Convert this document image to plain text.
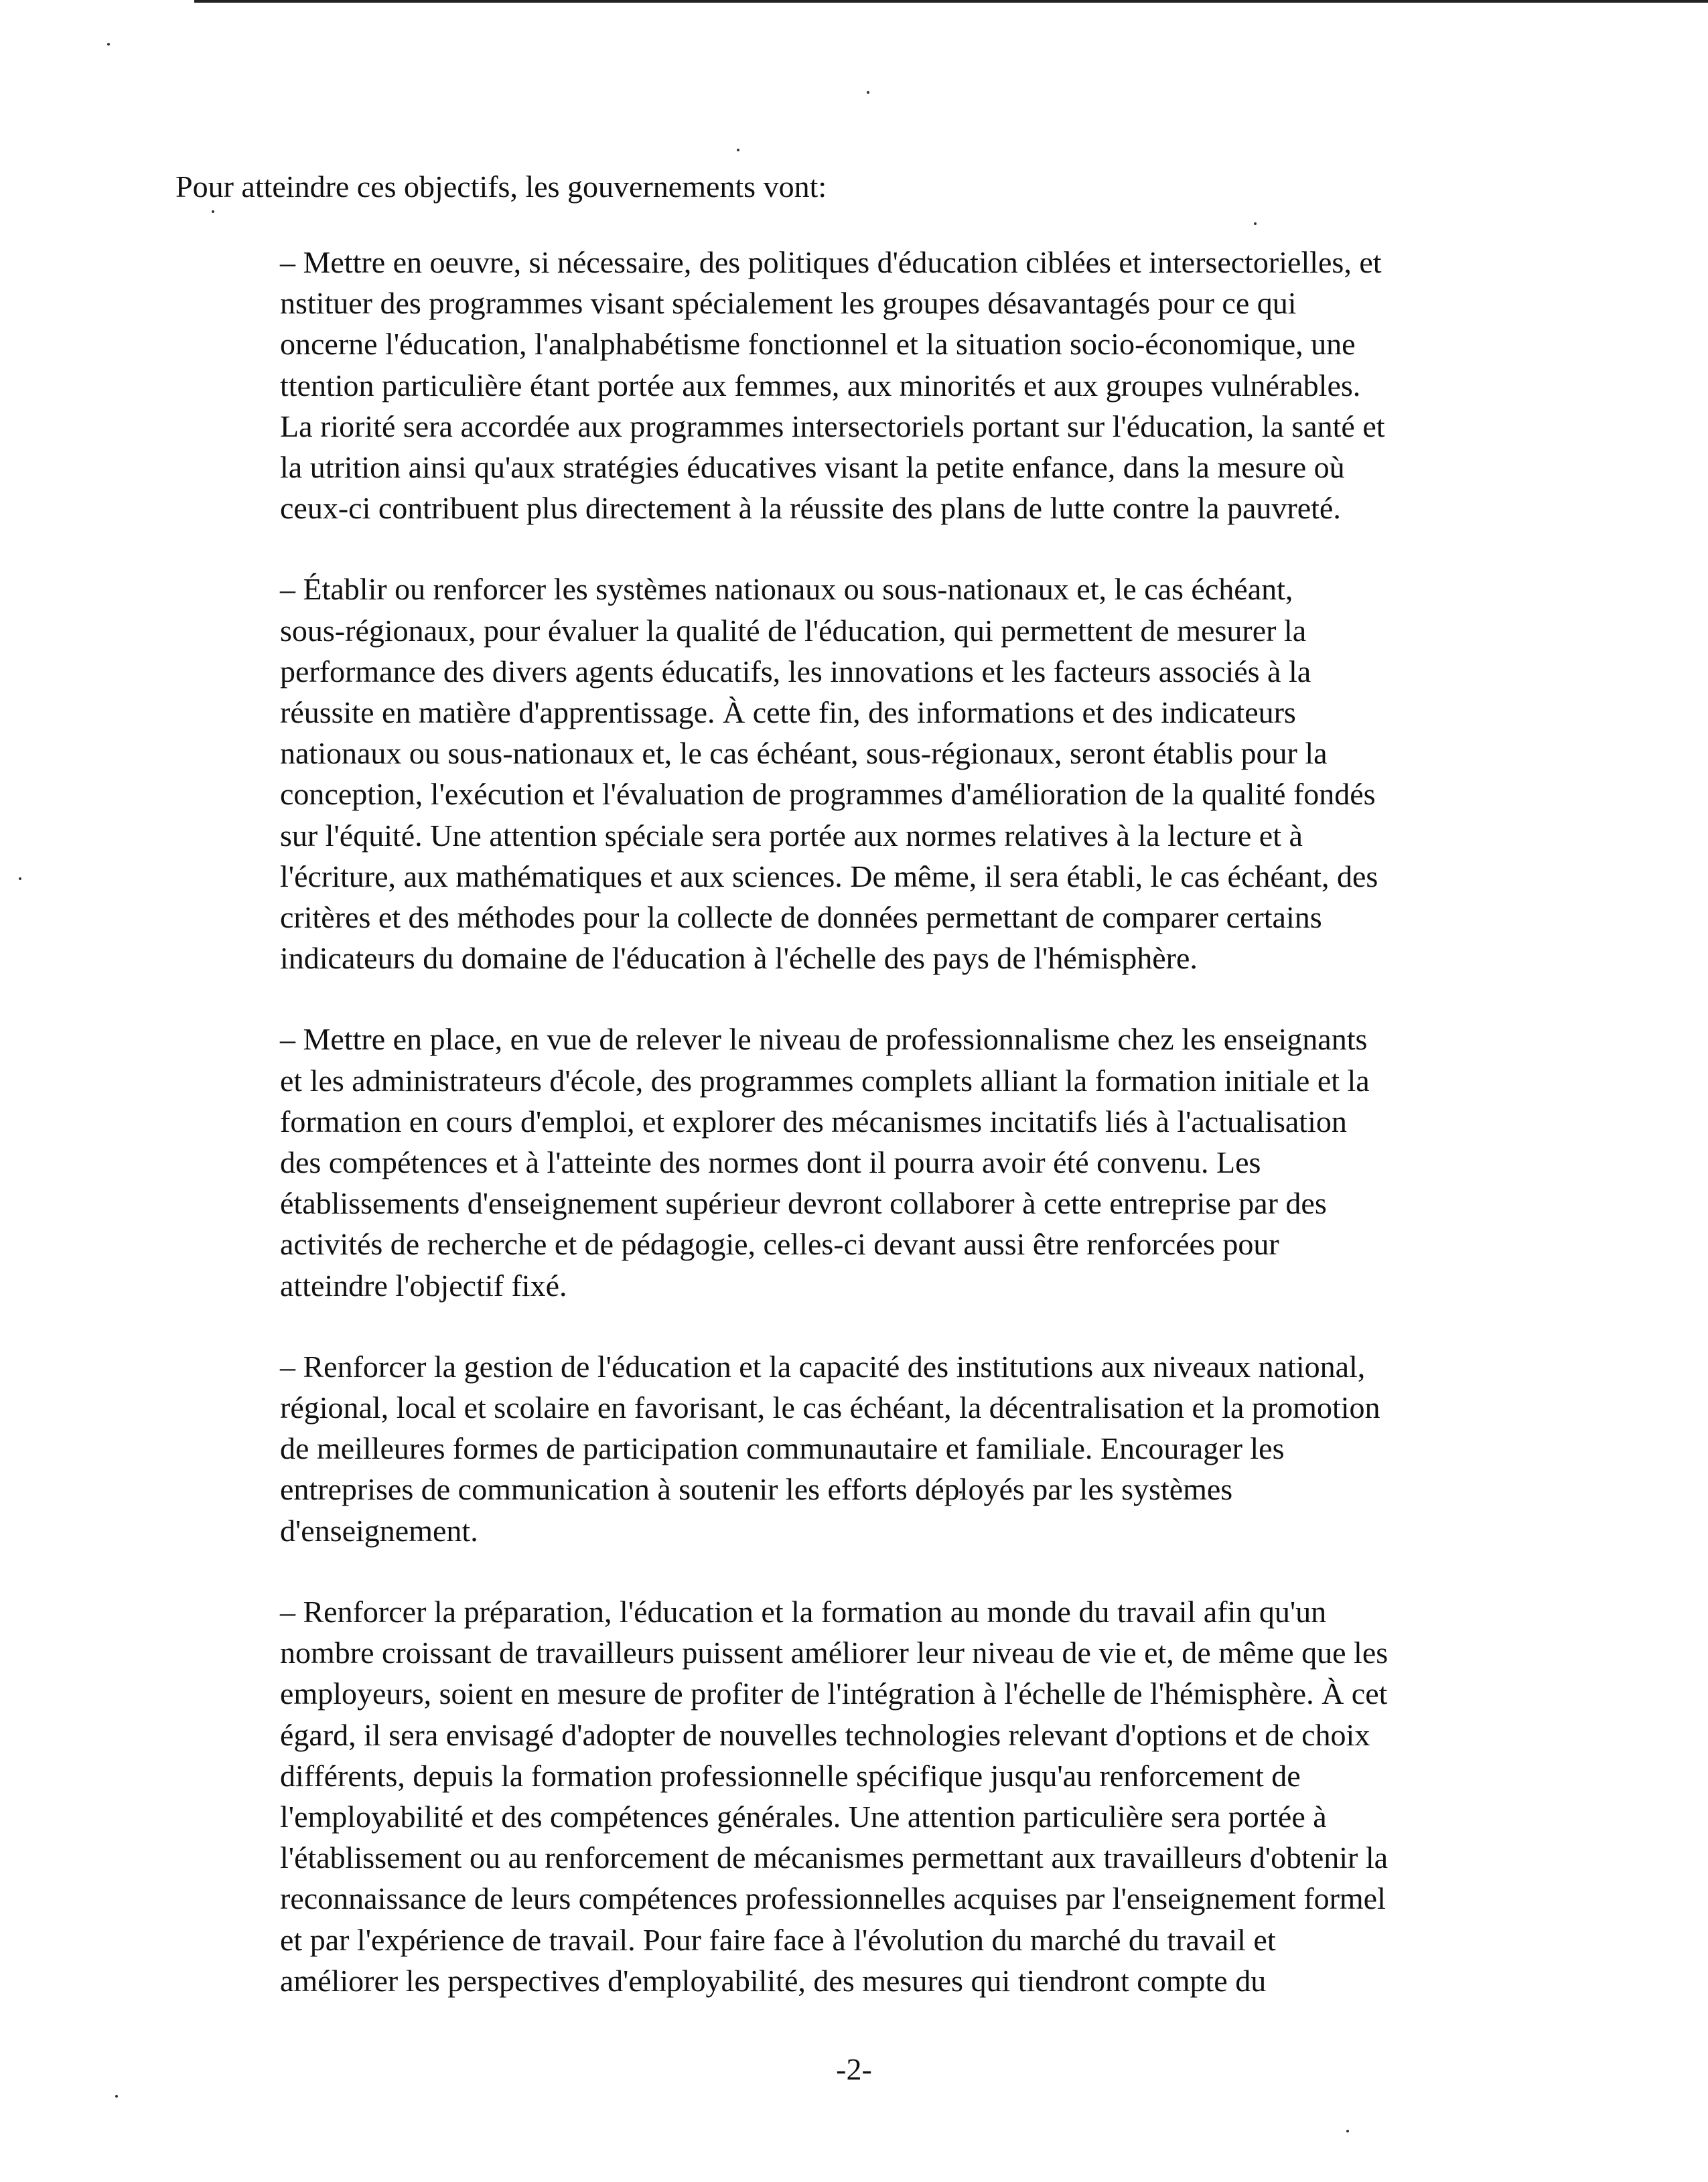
Pour atteindre ces objectifs, les gouvernements vont:

– Mettre en oeuvre, si nécessaire, des politiques d'éducation ciblées et intersectorielles, et
nstituer des programmes visant spécialement les groupes désavantagés pour ce qui
oncerne l'éducation, l'analphabétisme fonctionnel et la situation socio-économique, une
ttention particulière étant portée aux femmes, aux minorités et aux groupes vulnérables.
La riorité sera accordée aux programmes intersectoriels portant sur l'éducation, la santé et
la utrition ainsi qu'aux stratégies éducatives visant la petite enfance, dans la mesure où
ceux-ci contribuent plus directement à la réussite des plans de lutte contre la pauvreté.
– Établir ou renforcer les systèmes nationaux ou sous-nationaux et, le cas échéant,
sous-régionaux, pour évaluer la qualité de l'éducation, qui permettent de mesurer la
performance des divers agents éducatifs, les innovations et les facteurs associés à la
réussite en matière d'apprentissage. À cette fin, des informations et des indicateurs
nationaux ou sous-nationaux et, le cas échéant, sous-régionaux, seront établis pour la
conception, l'exécution et l'évaluation de programmes d'amélioration de la qualité fondés
sur l'équité. Une attention spéciale sera portée aux normes relatives à la lecture et à
l'écriture, aux mathématiques et aux sciences. De même, il sera établi, le cas échéant, des
critères et des méthodes pour la collecte de données permettant de comparer certains
indicateurs du domaine de l'éducation à l'échelle des pays de l'hémisphère.
– Mettre en place, en vue de relever le niveau de professionnalisme chez les enseignants
et les administrateurs d'école, des programmes complets alliant la formation initiale et la
formation en cours d'emploi, et explorer des mécanismes incitatifs liés à l'actualisation
des compétences et à l'atteinte des normes dont il pourra avoir été convenu. Les
établissements d'enseignement supérieur devront collaborer à cette entreprise par des
activités de recherche et de pédagogie, celles-ci devant aussi être renforcées pour
atteindre l'objectif fixé.
– Renforcer la gestion de l'éducation et la capacité des institutions aux niveaux national,
régional, local et scolaire en favorisant, le cas échéant, la décentralisation et la promotion
de meilleures formes de participation communautaire et familiale. Encourager les
entreprises de communication à soutenir les efforts déployés par les systèmes
d'enseignement.
– Renforcer la préparation, l'éducation et la formation au monde du travail afin qu'un
nombre croissant de travailleurs puissent améliorer leur niveau de vie et, de même que les
employeurs, soient en mesure de profiter de l'intégration à l'échelle de l'hémisphère. À cet
égard, il sera envisagé d'adopter de nouvelles technologies relevant d'options et de choix
différents, depuis la formation professionnelle spécifique jusqu'au renforcement de
l'employabilité et des compétences générales. Une attention particulière sera portée à
l'établissement ou au renforcement de mécanismes permettant aux travailleurs d'obtenir la
reconnaissance de leurs compétences professionnelles acquises par l'enseignement formel
et par l'expérience de travail. Pour faire face à l'évolution du marché du travail et
améliorer les perspectives d'employabilité, des mesures qui tiendront compte du
-2-
